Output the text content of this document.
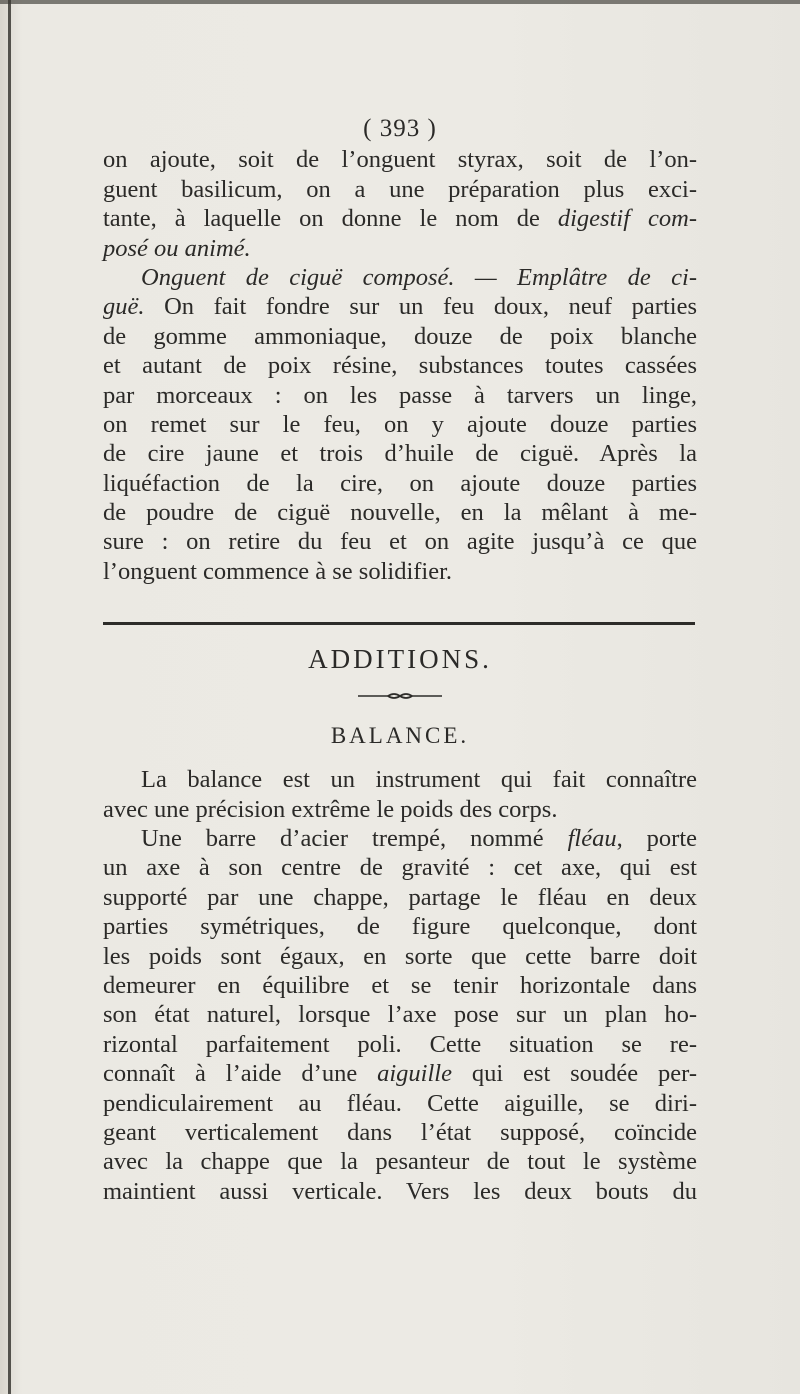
( 393 )
on ajoute, soit de l’onguent styrax, soit de l’on-
guent basilicum, on a une préparation plus exci-
tante, à laquelle on donne le nom de digestif com-
posé ou animé.
Onguent de ciguë composé. — Emplâtre de ci-
guë. On fait fondre sur un feu doux, neuf parties
de gomme ammoniaque, douze de poix blanche
et autant de poix résine, substances toutes cassées
par morceaux : on les passe à tarvers un linge,
on remet sur le feu, on y ajoute douze parties
de cire jaune et trois d’huile de ciguë. Après la
liquéfaction de la cire, on ajoute douze parties
de poudre de ciguë nouvelle, en la mêlant à me-
sure : on retire du feu et on agite jusqu’à ce que
l’onguent commence à se solidifier.
ADDITIONS.
BALANCE.
La balance est un instrument qui fait connaître
avec une précision extrême le poids des corps.
Une barre d’acier trempé, nommé fléau, porte
un axe à son centre de gravité : cet axe, qui est
supporté par une chappe, partage le fléau en deux
parties symétriques, de figure quelconque, dont
les poids sont égaux, en sorte que cette barre doit
demeurer en équilibre et se tenir horizontale dans
son état naturel, lorsque l’axe pose sur un plan ho-
rizontal parfaitement poli. Cette situation se re-
connaît à l’aide d’une aiguille qui est soudée per-
pendiculairement au fléau. Cette aiguille, se diri-
geant verticalement dans l’état supposé, coïncide
avec la chappe que la pesanteur de tout le système
maintient aussi verticale. Vers les deux bouts du
